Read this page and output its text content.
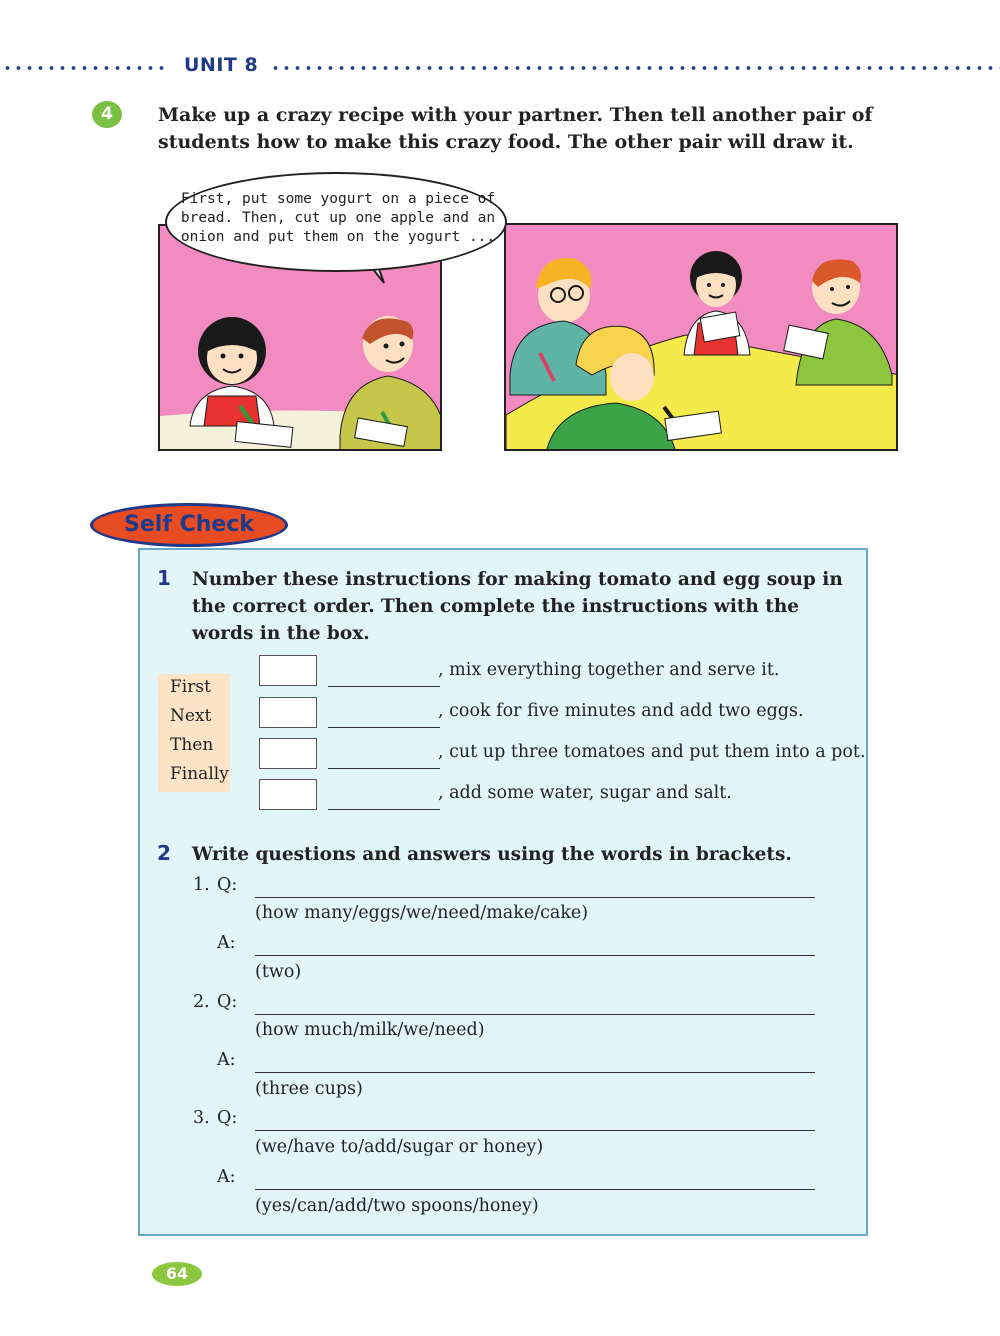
UNIT 8
4	Make up a crazy recipe with your partner. Then tell another pair of students how to make this crazy food. The other pair will draw it.
First, put some yogurt on a piece of bread. Then, cut up one apple and an onion and put them on the yogurt ...
Self Check
1 Number these instructions for making tomato and egg soup in the correct order. Then complete the instructions with the words in the box.
First
Next
Then
Finally
, mix everything together and serve it.
, cook for five minutes and add two eggs.
, cut up three tomatoes and put them into a pot.
, add some water, sugar and salt.
2 Write questions and answers using the words in brackets.
1. Q:
(how many/eggs/we/need/make/cake)
A:
(two)
2. Q:
(how much/milk/we/need)
A:
(three cups)
3. Q:
(we/have to/add/sugar or honey)
A:
(yes/can/add/two spoons/honey)
64
